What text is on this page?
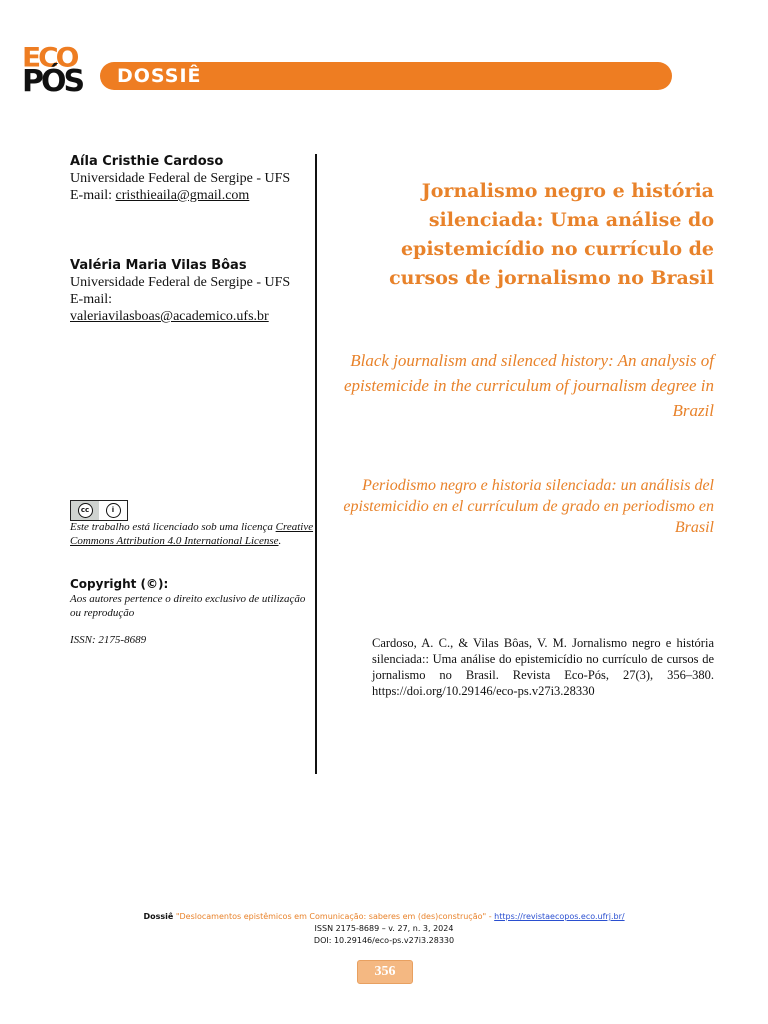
ECO
PÓS DOSSIÊ
Aíla Cristhie Cardoso
Universidade Federal de Sergipe - UFS
E-mail: cristhieaila@gmail.com
Valéria Maria Vilas Bôas
Universidade Federal de Sergipe - UFS
E-mail:
valeriavilasboas@academico.ufs.br
cc	i
Este trabalho está licenciado sob uma licença Creative Commons Attribution 4.0 International License.
Copyright (©):
Aos autores pertence o direito exclusivo de utilização ou reprodução
ISSN: 2175-8689
Jornalismo negro e história silenciada: Uma análise do epistemicídio no currículo de cursos de jornalismo no Brasil
Black journalism and silenced history: An analysis of epistemicide in the curriculum of journalism degree in Brazil
Periodismo negro e historia silenciada: un análisis del epistemicidio en el currículum de grado en periodismo en Brasil
Cardoso, A. C., & Vilas Bôas, V. M. Jornalismo negro e história silenciada:: Uma análise do epistemicídio no currículo de cursos de jornalismo no Brasil. Revista Eco-Pós, 27(3), 356–380. https://doi.org/10.29146/eco-ps.v27i3.28330
Dossiê "Deslocamentos epistêmicos em Comunicação: saberes em (des)construção" - https://revistaecopos.eco.ufrj.br/
ISSN 2175-8689 – v. 27, n. 3, 2024
DOI: 10.29146/eco-ps.v27i3.28330
356
